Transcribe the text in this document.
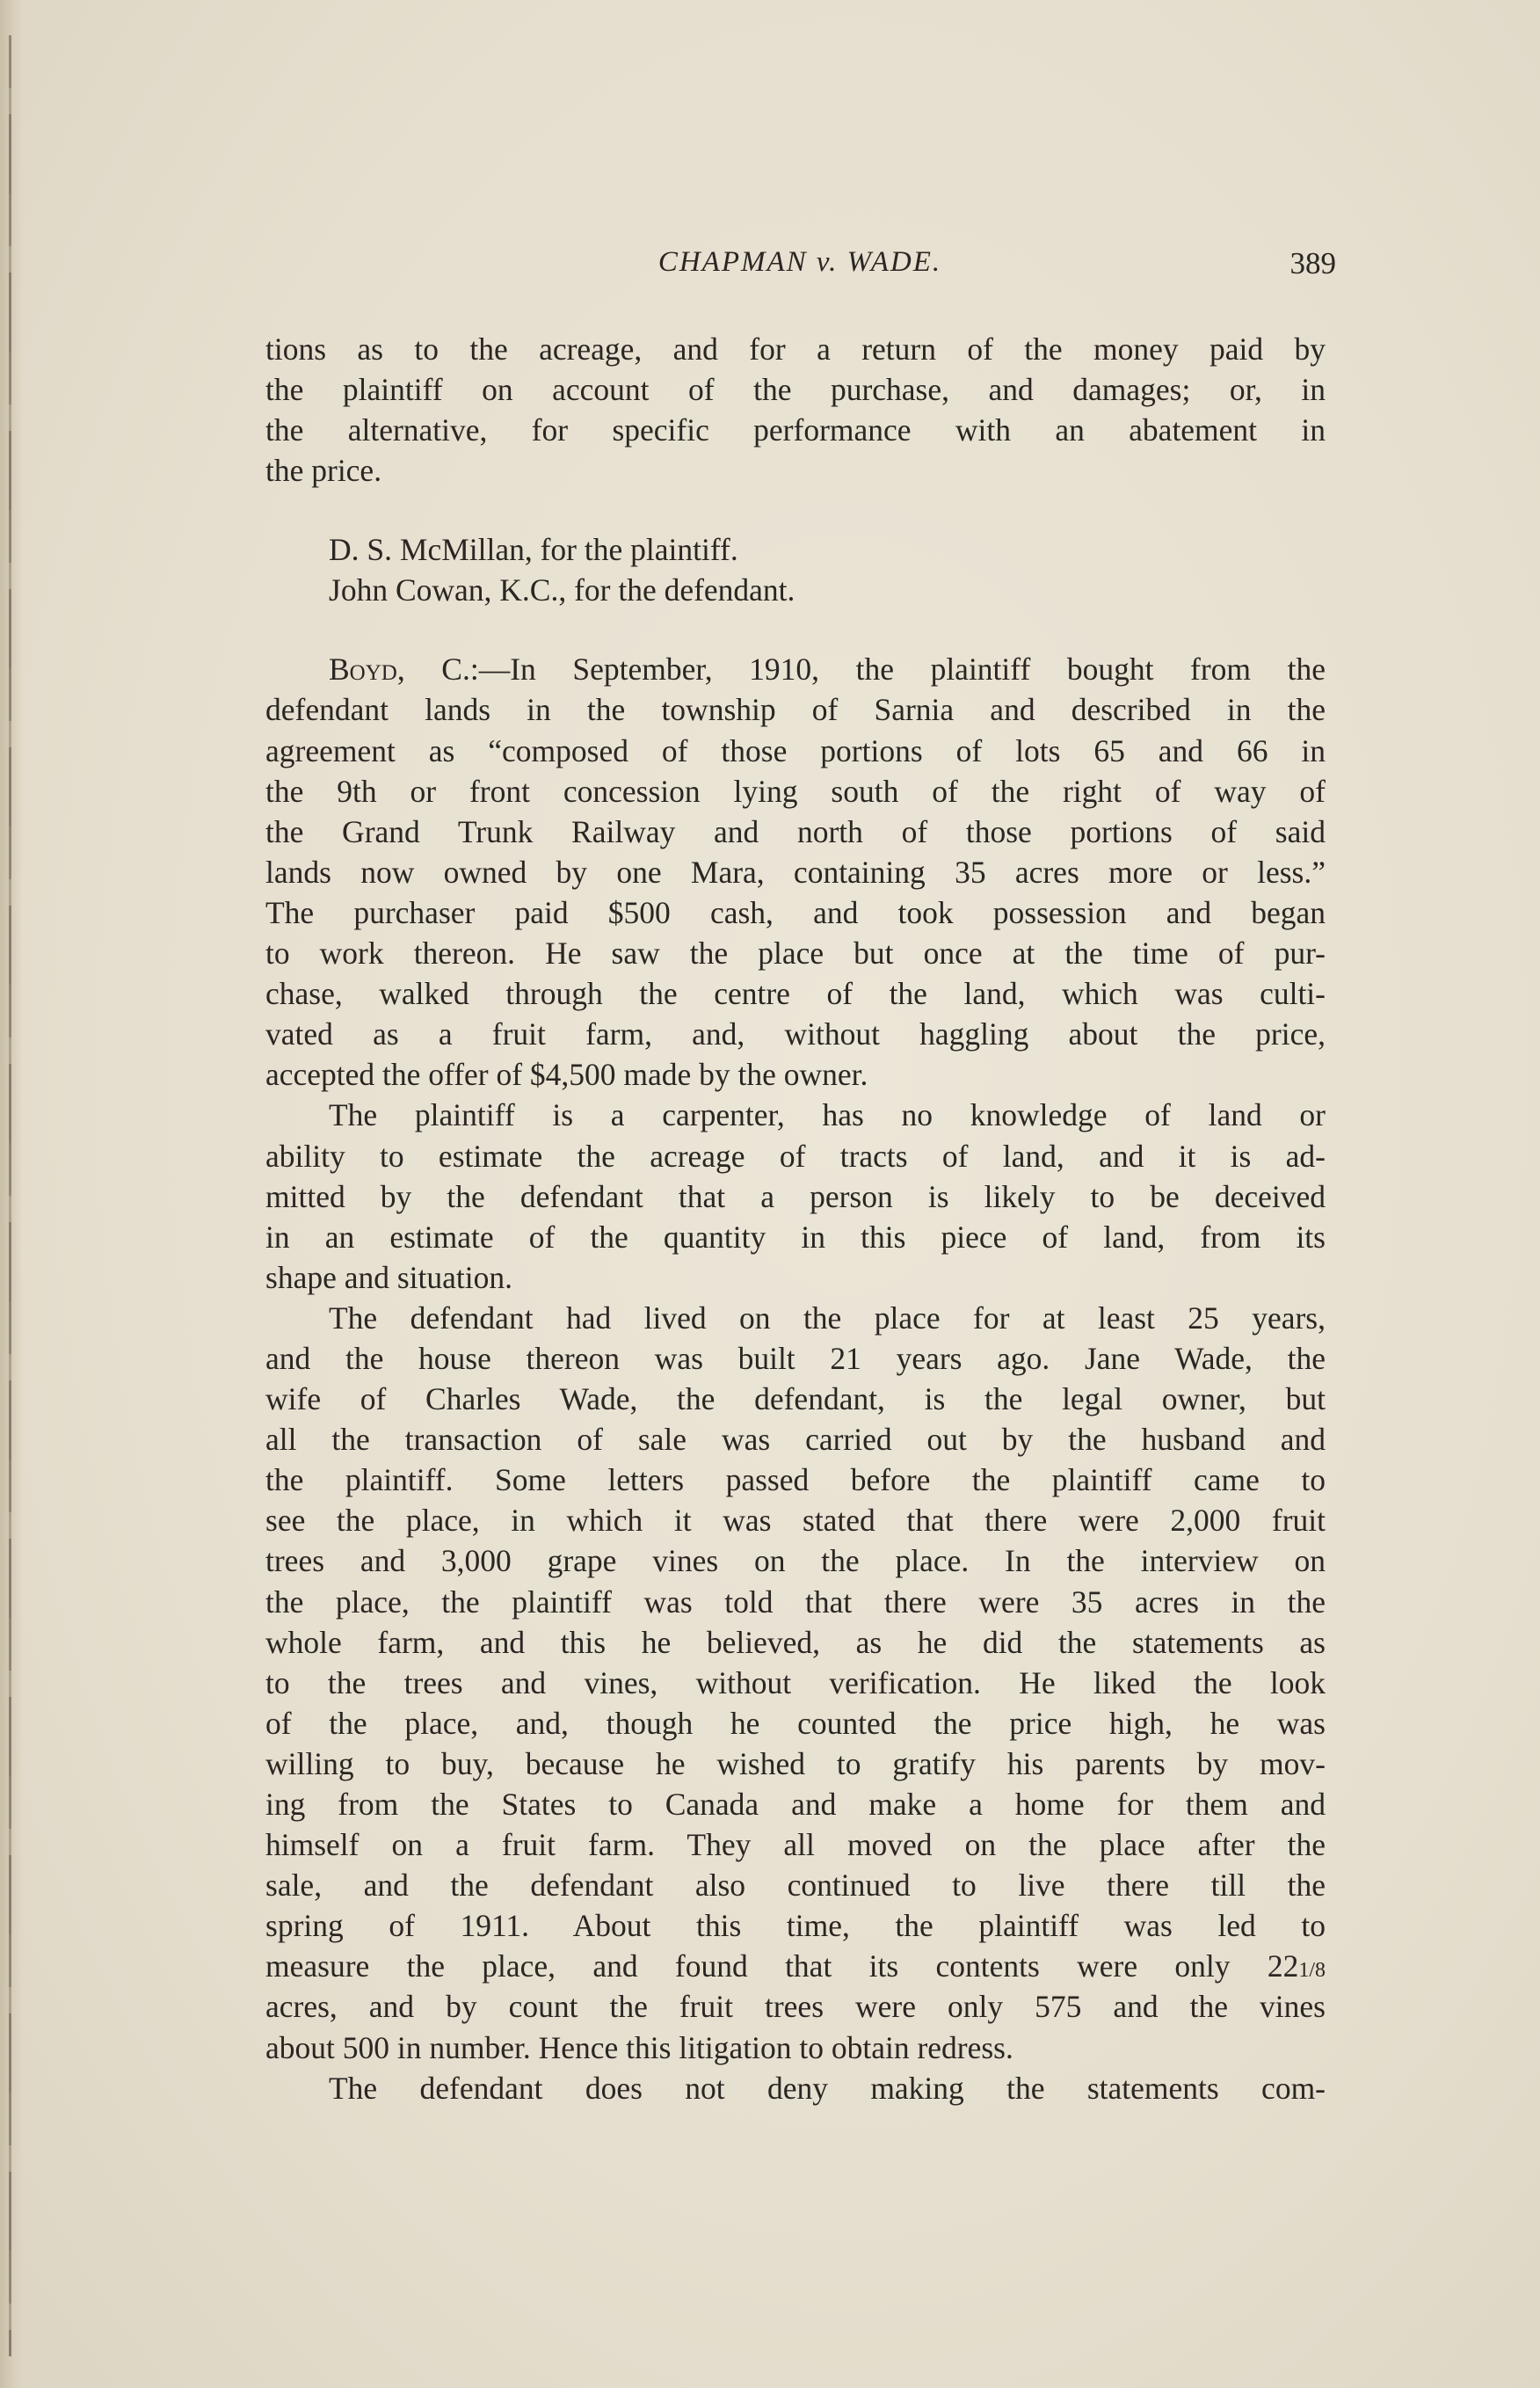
CHAPMAN v. WADE.	389
tions as to the acreage, and for a return of the money paid by
the plaintiff on account of the purchase, and damages; or, in
the alternative, for specific performance with an abatement in
the price.
D. S. McMillan, for the plaintiff.
John Cowan, K.C., for the defendant.
Boyd, C.:—In September, 1910, the plaintiff bought from the
defendant lands in the township of Sarnia and described in the
agreement as “composed of those portions of lots 65 and 66 in
the 9th or front concession lying south of the right of way of
the Grand Trunk Railway and north of those portions of said
lands now owned by one Mara, containing 35 acres more or less.”
The purchaser paid $500 cash, and took possession and began
to work thereon. He saw the place but once at the time of pur-
chase, walked through the centre of the land, which was culti-
vated as a fruit farm, and, without haggling about the price,
accepted the offer of $4,500 made by the owner.
The plaintiff is a carpenter, has no knowledge of land or
ability to estimate the acreage of tracts of land, and it is ad-
mitted by the defendant that a person is likely to be deceived
in an estimate of the quantity in this piece of land, from its
shape and situation.
The defendant had lived on the place for at least 25 years,
and the house thereon was built 21 years ago. Jane Wade, the
wife of Charles Wade, the defendant, is the legal owner, but
all the transaction of sale was carried out by the husband and
the plaintiff. Some letters passed before the plaintiff came to
see the place, in which it was stated that there were 2,000 fruit
trees and 3,000 grape vines on the place. In the interview on
the place, the plaintiff was told that there were 35 acres in the
whole farm, and this he believed, as he did the statements as
to the trees and vines, without verification. He liked the look
of the place, and, though he counted the price high, he was
willing to buy, because he wished to gratify his parents by mov-
ing from the States to Canada and make a home for them and
himself on a fruit farm. They all moved on the place after the
sale, and the defendant also continued to live there till the
spring of 1911. About this time, the plaintiff was led to
measure the place, and found that its contents were only 221/8
acres, and by count the fruit trees were only 575 and the vines
about 500 in number. Hence this litigation to obtain redress.
The defendant does not deny making the statements com-
